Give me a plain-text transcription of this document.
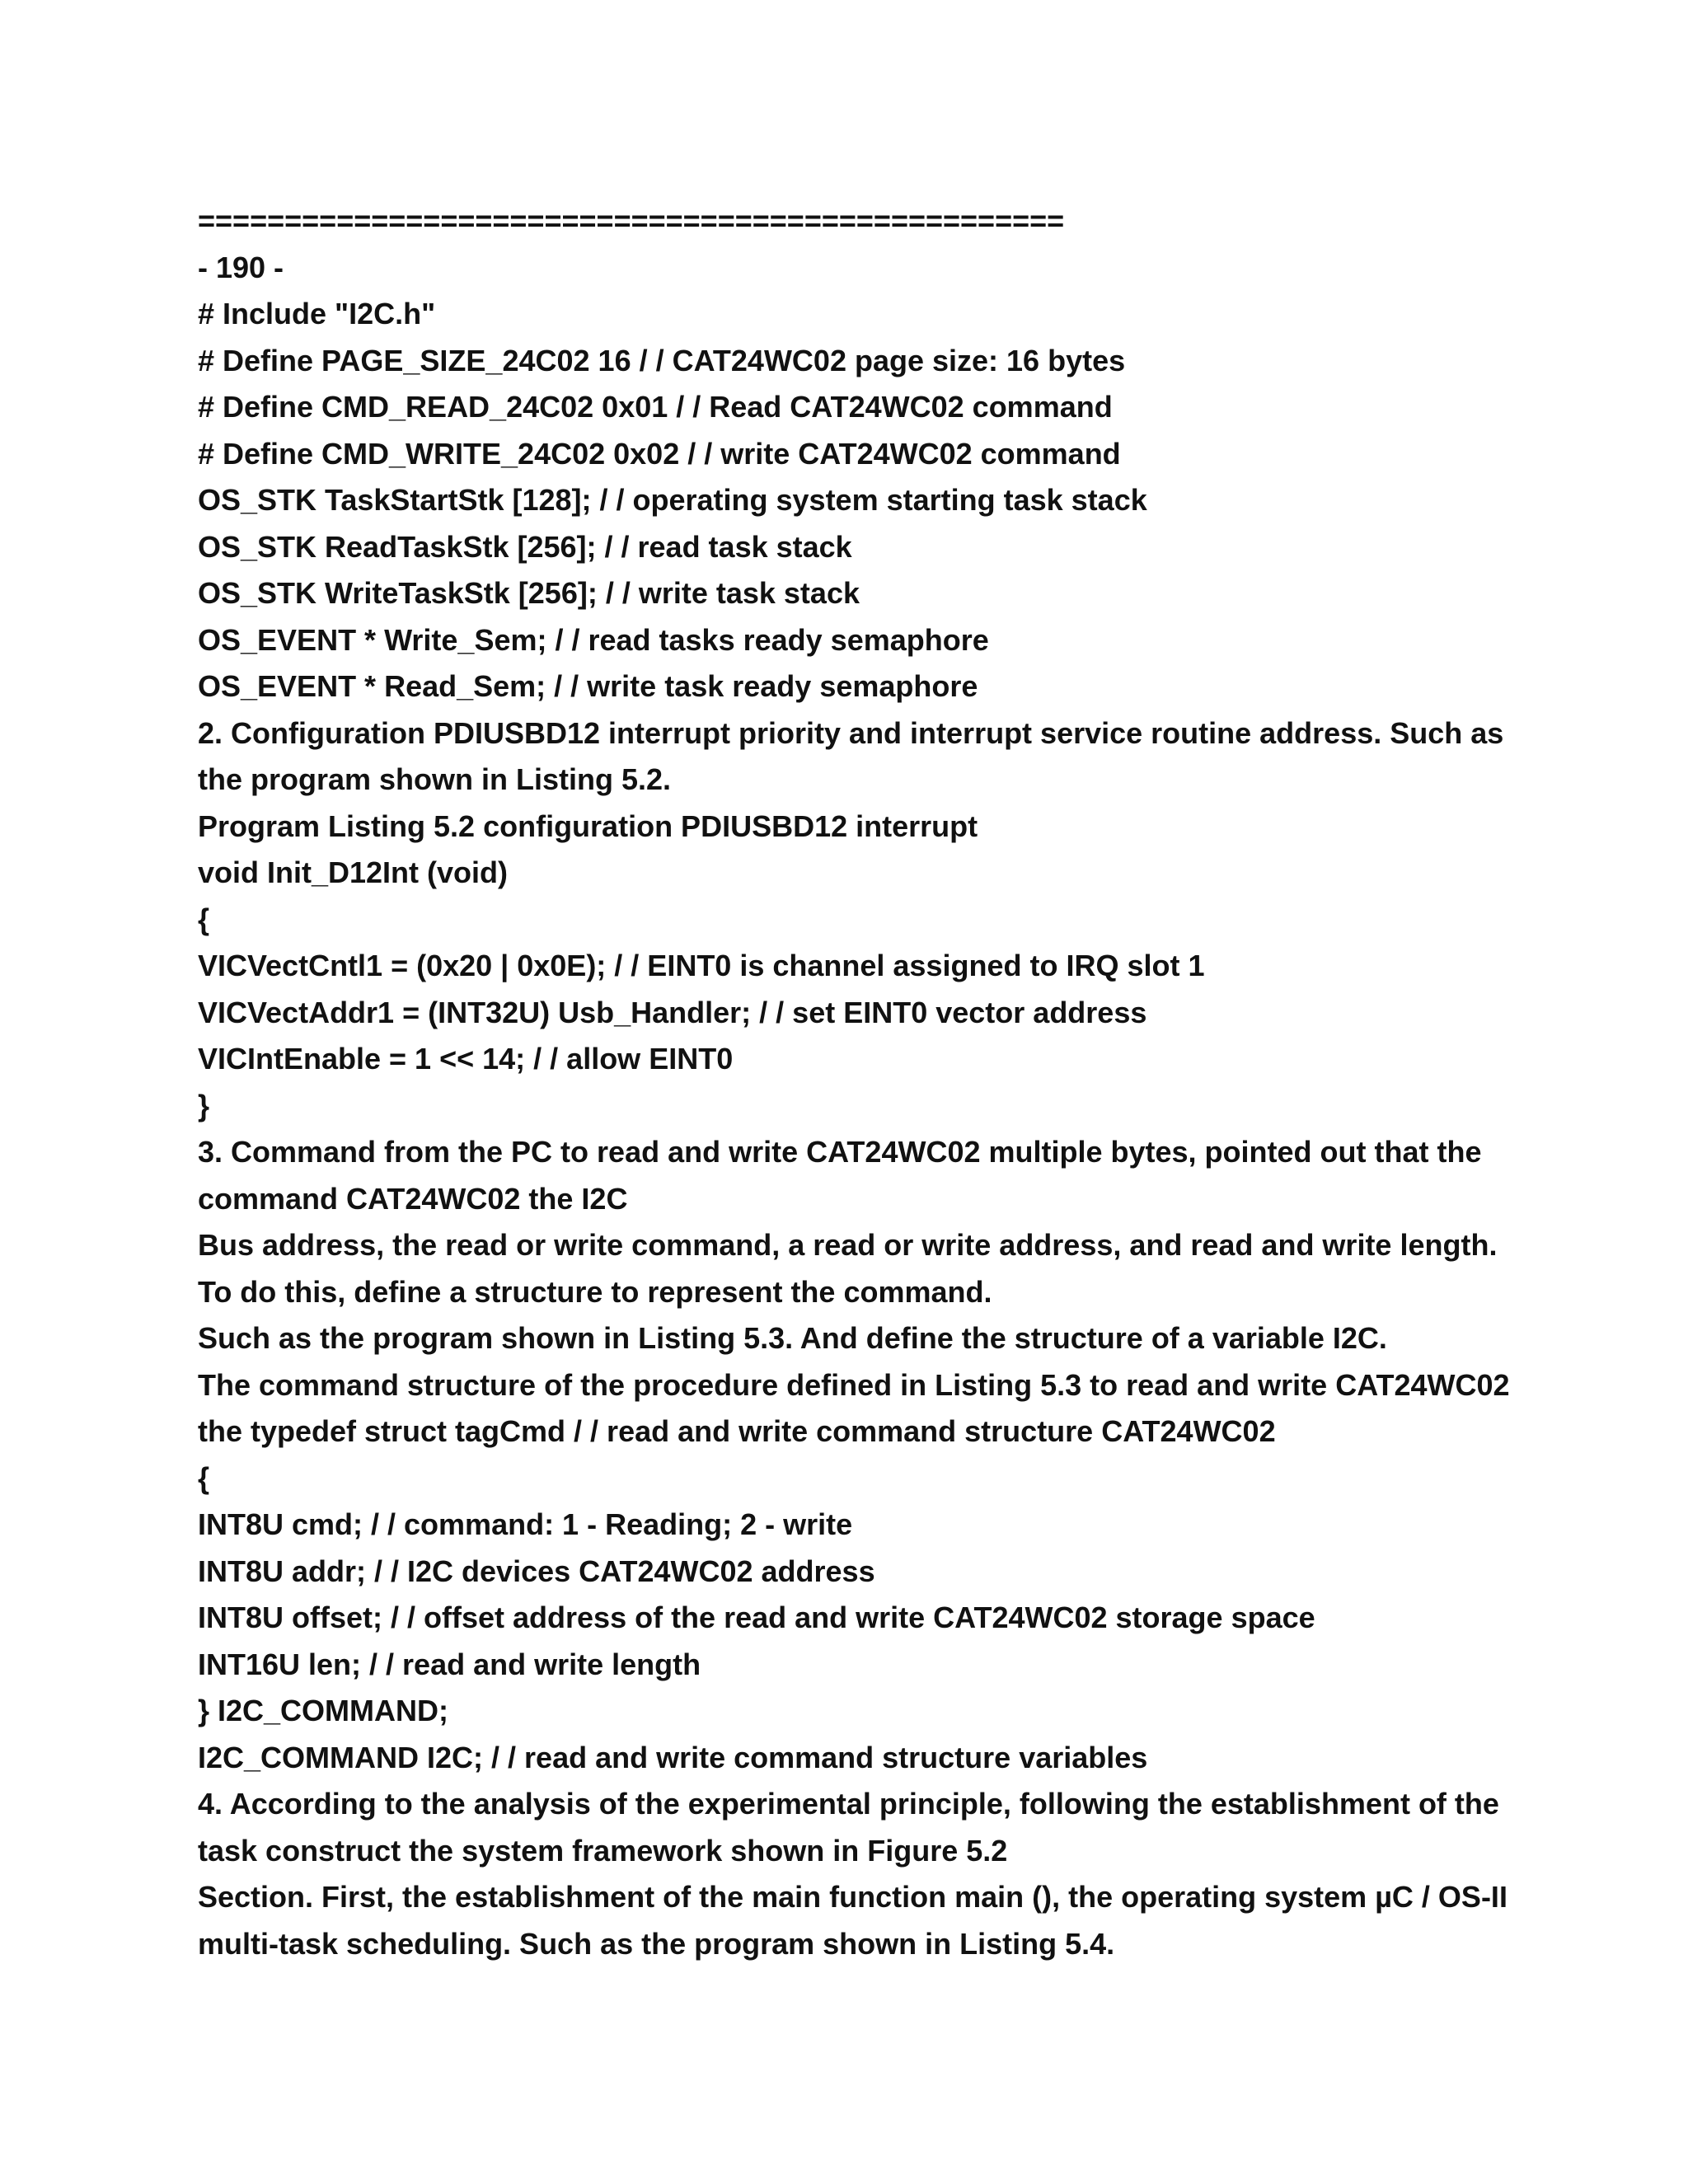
==================================================
- 190 -
# Include "I2C.h"
# Define PAGE_SIZE_24C02 16 / / CAT24WC02 page size: 16 bytes
# Define CMD_READ_24C02 0x01 / / Read CAT24WC02 command
# Define CMD_WRITE_24C02 0x02 / / write CAT24WC02 command
OS_STK TaskStartStk [128]; / / operating system starting task stack
OS_STK ReadTaskStk [256]; / / read task stack
OS_STK WriteTaskStk [256]; / / write task stack
OS_EVENT * Write_Sem; / / read tasks ready semaphore
OS_EVENT * Read_Sem; / / write task ready semaphore
2. Configuration PDIUSBD12 interrupt priority and interrupt service routine address. Such as
the program shown in Listing 5.2.
Program Listing 5.2 configuration PDIUSBD12 interrupt
void Init_D12Int (void)
{
VICVectCntl1 = (0x20 | 0x0E); / / EINT0 is channel assigned to IRQ slot 1
VICVectAddr1 = (INT32U) Usb_Handler; / / set EINT0 vector address
VICIntEnable = 1 << 14; / / allow EINT0
}
3. Command from the PC to read and write CAT24WC02 multiple bytes, pointed out that the
command CAT24WC02 the I2C
Bus address, the read or write command, a read or write address, and read and write length.
To do this, define a structure to represent the command.
Such as the program shown in Listing 5.3. And define the structure of a variable I2C.
The command structure of the procedure defined in Listing 5.3 to read and write CAT24WC02
the typedef struct tagCmd / / read and write command structure CAT24WC02
{
INT8U cmd; / / command: 1 - Reading; 2 - write
INT8U addr; / / I2C devices CAT24WC02 address
INT8U offset; / / offset address of the read and write CAT24WC02 storage space
INT16U len; / / read and write length
} I2C_COMMAND;
I2C_COMMAND I2C; / / read and write command structure variables
4. According to the analysis of the experimental principle, following the establishment of the
task construct the system framework shown in Figure 5.2
Section. First, the establishment of the main function main (), the operating system µC / OS-II
multi-task scheduling. Such as the program shown in Listing 5.4.
